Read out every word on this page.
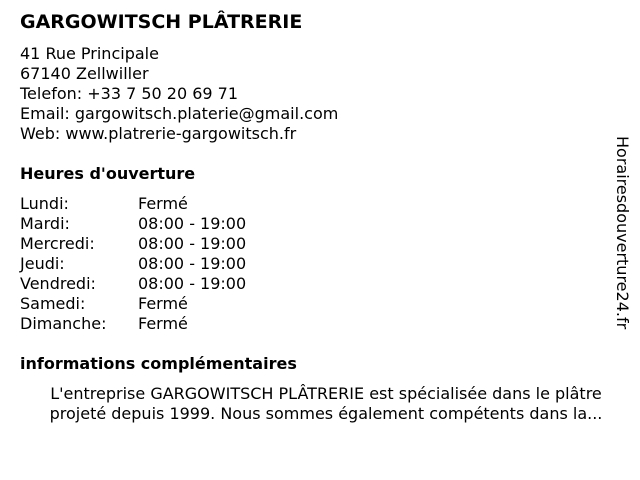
GARGOWITSCH PLÂTRERIE
41 Rue Principale
67140 Zellwiller
Telefon: +33 7 50 20 69 71
Email: gargowitsch.platerie@gmail.com
Web: www.platrerie-gargowitsch.fr
Heures d'ouverture
Lundi:	Fermé
Mardi:	08:00 - 19:00
Mercredi:	08:00 - 19:00
Jeudi:	08:00 - 19:00
Vendredi:	08:00 - 19:00
Samedi:	Fermé
Dimanche:	Fermé
informations complémentaires
L'entreprise GARGOWITSCH PLÂTRERIE est spécialisée dans le plâtre
projeté depuis 1999. Nous sommes également compétents dans la...
Horairesdouverture24.fr
